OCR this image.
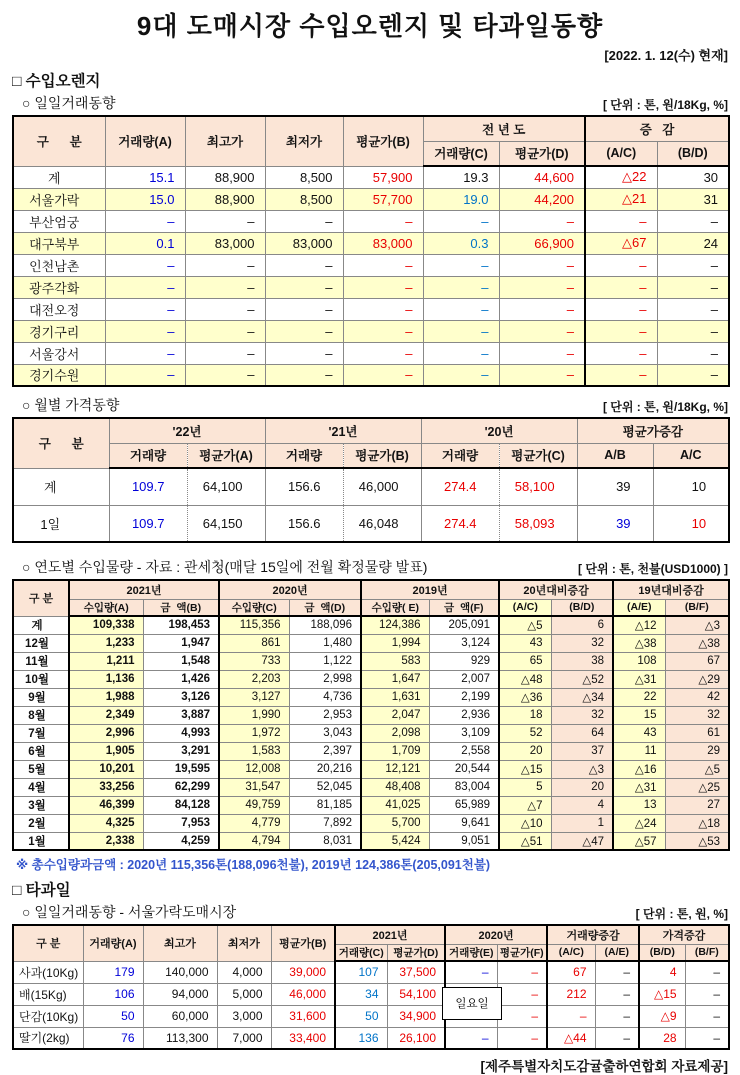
9대 도매시장 수입오렌지 및 타과일동향
[2022. 1. 12(수) 현재]
□ 수입오렌지
○ 일일거래동향	[ 단위 : 톤, 원/18Kg, %]
구      분	거래량(A)	최고가	최저가	평균가(B)	전 년 도		증   감	
					거래량(C)	평균가(D)	(A/C)	(B/D)
계	15.1	88,900	8,500	57,900	19.3	44,600	△22	30
서울가락	15.0	88,900	8,500	57,700	19.0	44,200	△21	31
부산엄궁	–	–	–	–	–	–	–	–
대구북부	0.1	83,000	83,000	83,000	0.3	66,900	△67	24
인천남촌	–	–	–	–	–	–	–	–
광주각화	–	–	–	–	–	–	–	–
대전오정	–	–	–	–	–	–	–	–
경기구리	–	–	–	–	–	–	–	–
서울강서	–	–	–	–	–	–	–	–
경기수원	–	–	–	–	–	–	–	–
○ 월별 가격동향	[ 단위 : 톤, 원/18Kg, %]
구      분	'22년		'21년		'20년		평균가증감	
	거래량	평균가(A)	거래량	평균가(B)	거래량	평균가(C)	A/B	A/C
계	109.7	64,100	156.6	46,000	274.4	58,100	39	10
1일	109.7	64,150	156.6	46,048	274.4	58,093	39	10
○ 연도별 수입물량 - 자료 : 관세청(매달 15일에 전월 확정물량 발표)	[ 단위 : 톤, 천불(USD1000) ]
구 분	2021년		2020년		2019년		20년대비증감		19년대비증감	
	수입량(A)	금  액(B)	수입량(C)	금  액(D)	수입량( E)	금  액(F)	(A/C)	(B/D)	(A/E)	(B/F)
계	109,338	198,453	115,356	188,096	124,386	205,091	△5	6	△12	△3
12월	1,233	1,947	861	1,480	1,994	3,124	43	32	△38	△38
11월	1,211	1,548	733	1,122	583	929	65	38	108	67
10월	1,136	1,426	2,203	2,998	1,647	2,007	△48	△52	△31	△29
9월	1,988	3,126	3,127	4,736	1,631	2,199	△36	△34	22	42
8월	2,349	3,887	1,990	2,953	2,047	2,936	18	32	15	32
7월	2,996	4,993	1,972	3,043	2,098	3,109	52	64	43	61
6월	1,905	3,291	1,583	2,397	1,709	2,558	20	37	11	29
5월	10,201	19,595	12,008	20,216	12,121	20,544	△15	△3	△16	△5
4월	33,256	62,299	31,547	52,045	48,408	83,004	5	20	△31	△25
3월	46,399	84,128	49,759	81,185	41,025	65,989	△7	4	13	27
2월	4,325	7,953	4,779	7,892	5,700	9,641	△10	1	△24	△18
1월	2,338	4,259	4,794	8,031	5,424	9,051	△51	△47	△57	△53
※ 총수입량과금액 : 2020년 115,356톤(188,096천불), 2019년 124,386톤(205,091천불)
□ 타과일
○ 일일거래동향 - 서울가락도매시장	[ 단위 : 톤, 원, %]
구 분	거래량(A)	최고가	최저가	평균가(B)	2021년		2020년		거래량증감		가격증감	
					거래량(C)	평균가(D)	거래량(E)	평균가(F)	(A/C)	(A/E)	(B/D)	(B/F)
사과(10Kg)	179	140,000	4,000	39,000	107	37,500	–	–	67	–	4	–
배(15Kg)	106	94,000	5,000	46,000	34	54,100	일요일	–	212	–	△15	–
단감(10Kg)	50	60,000	3,000	31,600	50	34,900		–	–	–	△9	–
딸기(2kg)	76	113,300	7,000	33,400	136	26,100	–	–	△44	–	28	–
[제주특별자치도감귤출하연합회 자료제공]
